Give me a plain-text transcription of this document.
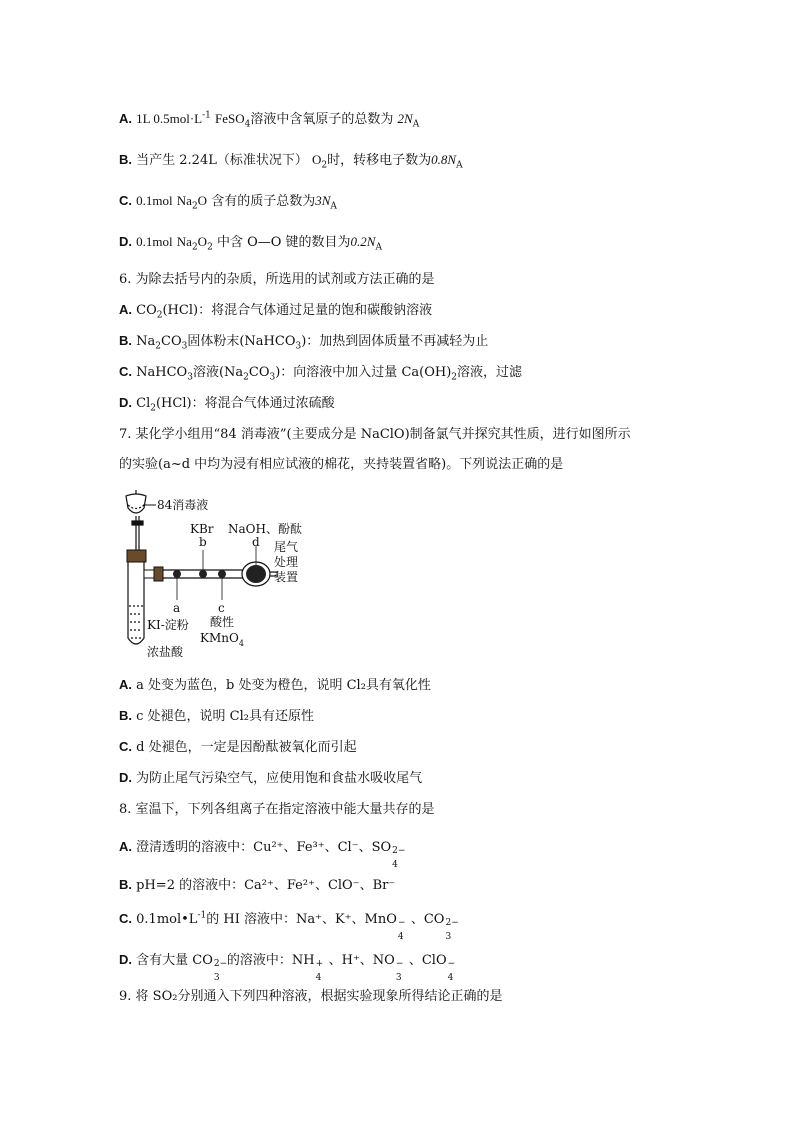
A. 1L $0.5mol\cdot L^{-1}$ FeSO$_4$溶液中含氧原子的总数为 $2N_A$
B. 当产生 2.24L（标准状况下） $O_2$时，转移电子数为$0.8N_A$
C. 0.1mol $Na_2O$ 含有的质子总数为$3N_A$
D. 0.1mol $Na_2O_2$ 中含 O—O 键的数目为$0.2N_A$
6. 为除去括号内的杂质，所选用的试剂或方法正确的是
A. $CO_2(HCl)$：将混合气体通过足量的饱和碳酸钠溶液
B. $Na_2CO_3$固体粉末(NaHCO$_3$)：加热到固体质量不再减轻为止
C. NaHCO$_3$溶液$(Na_2CO_3)$：向溶液中加入过量 $Ca(OH)_2$溶液，过滤
D. $Cl_2(HCl)$：将混合气体通过浓硫酸
7. 某化学小组用“84 消毒液”(主要成分是 NaClO)制备氯气并探究其性质，进行如图所示
的实验(a~d 中均为浸有相应试液的棉花，夹持装置省略)。下列说法正确的是
84消毒液
KBr
b
NaOH、酚酞
d 尾气
处理
装置
a	c
KI-淀粉 酸性
KMnO$_4$
浓盐酸
A. a 处变为蓝色，b 处变为橙色，说明 Cl₂具有氧化性
B. c 处褪色，说明 Cl₂具有还原性
C. d 处褪色，一定是因酚酞被氧化而引起
D. 为防止尾气污染空气，应使用饱和食盐水吸收尾气
8. 室温下，下列各组离子在指定溶液中能大量共存的是
A. 澄清透明的溶液中：Cu²⁺、Fe³⁺、Cl⁻、SO 2−
4
B. pH=2 的溶液中：Ca²⁺、Fe²⁺、ClO⁻、Br⁻
C. $0.1mol•L^{-1}$的 HI 溶液中：Na⁺、K⁺、MnO −
4
、CO 2−
3
D. 含有大量 CO 2−
3
的溶液中：NH +
4
、H⁺、NO −
3
、ClO −
4
9. 将 SO₂分别通入下列四种溶液，根据实验现象所得结论正确的是
